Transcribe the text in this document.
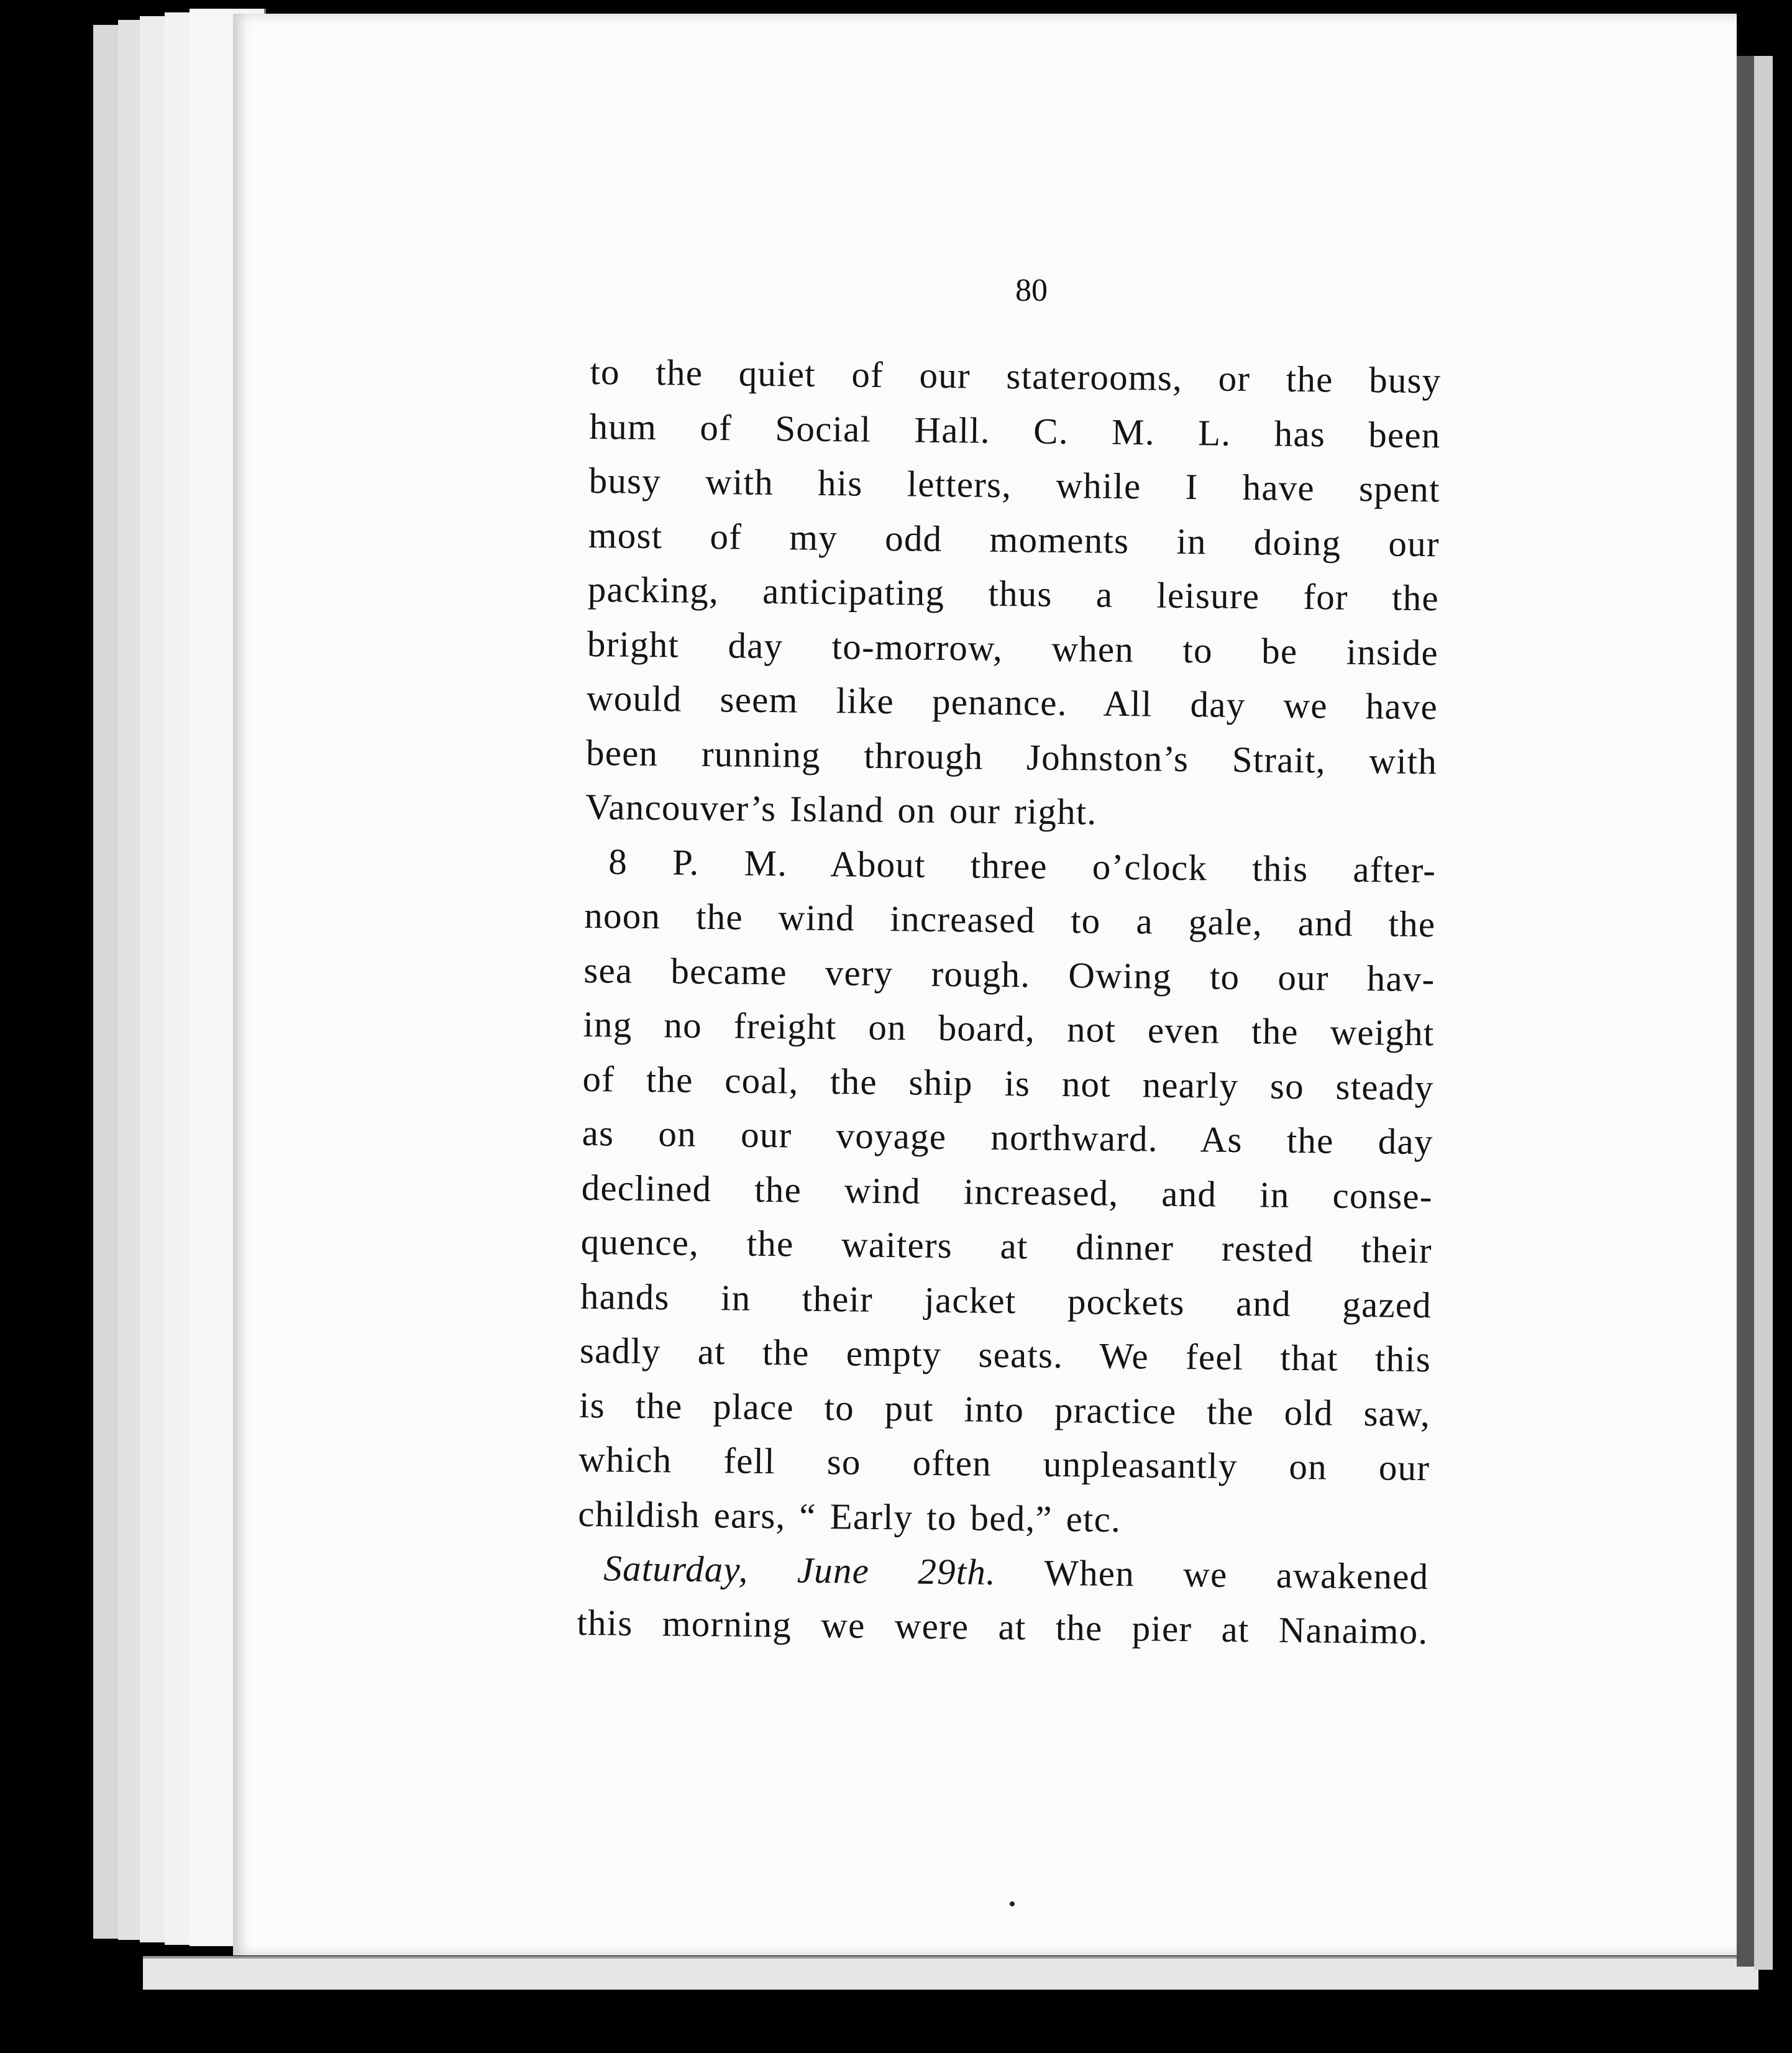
80

to the quiet of our staterooms, or the busy
hum of Social Hall. C. M. L. has been
busy with his letters, while I have spent
most of my odd moments in doing our
packing, anticipating thus a leisure for the
bright day to-morrow, when to be inside
would seem like penance. All day we have
been running through Johnston’s Strait, with
Vancouver’s Island on our right.

8 P. M. About three o’clock this after-
noon the wind increased to a gale, and the
sea became very rough. Owing to our hav-
ing no freight on board, not even the weight
of the coal, the ship is not nearly so steady
as on our voyage northward. As the day
declined the wind increased, and in conse-
quence, the waiters at dinner rested their
hands in their jacket pockets and gazed
sadly at the empty seats. We feel that this
is the place to put into practice the old saw,
which fell so often unpleasantly on our
childish ears, “ Early to bed,” etc.

Saturday, June 29th. When we awakened
this morning we were at the pier at Nanaimo.
